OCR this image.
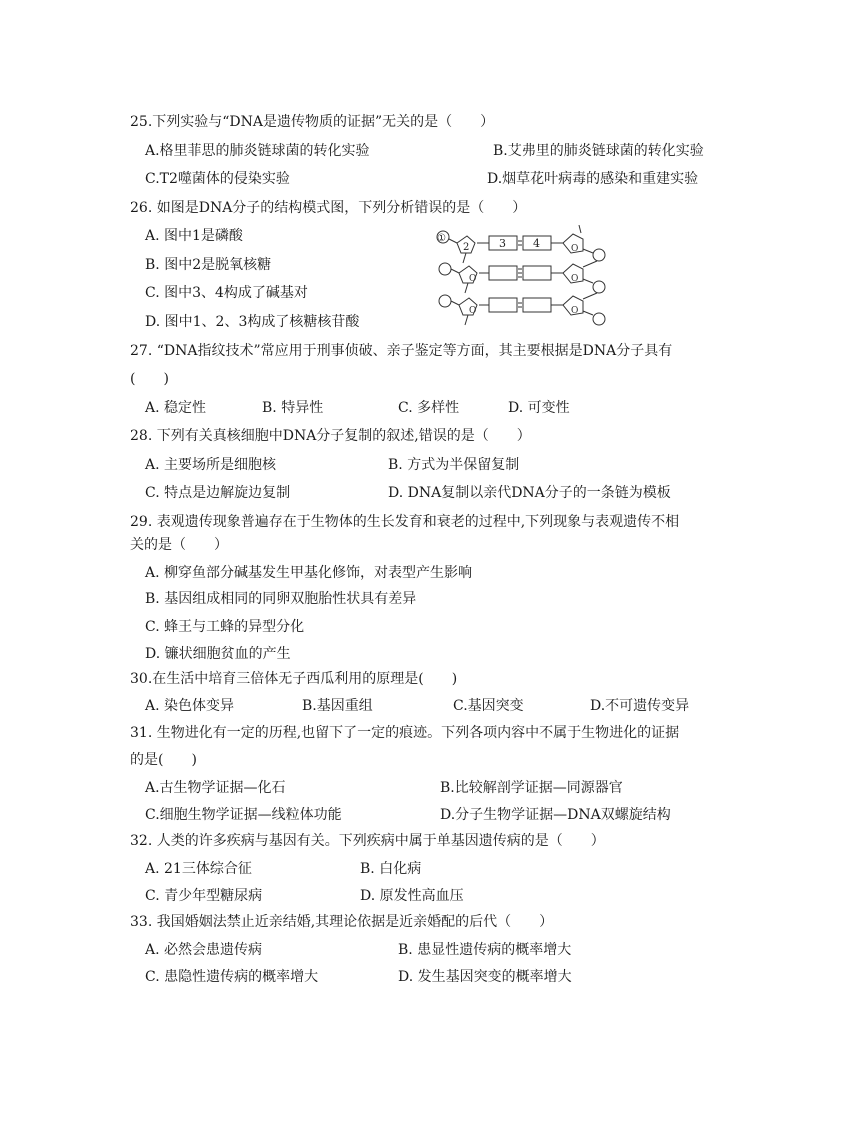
25.下列实验与“DNA是遗传物质的证据”无关的是（　　）
A.格里菲思的肺炎链球菌的转化实验	B.艾弗里的肺炎链球菌的转化实验
C.T2噬菌体的侵染实验	D.烟草花叶病毒的感染和重建实验
26. 如图是DNA分子的结构模式图，下列分析错误的是（　　）
A. 图中1是磷酸
B. 图中2是脱氧核糖
C. 图中3、4构成了碱基对
D. 图中1、2、3构成了核糖核苷酸
O
O
O
O
O
①
2	3 4
27. “DNA指纹技术”常应用于刑事侦破、亲子鉴定等方面，其主要根据是DNA分子具有
(　　)
A. 稳定性	B. 特异性	C. 多样性	D. 可变性
28. 下列有关真核细胞中DNA分子复制的叙述,错误的是（　　）
A. 主要场所是细胞核	B. 方式为半保留复制
C. 特点是边解旋边复制	D. DNA复制以亲代DNA分子的一条链为模板
29. 表观遗传现象普遍存在于生物体的生长发育和衰老的过程中,下列现象与表观遗传不相
关的是（　　）
A. 柳穿鱼部分碱基发生甲基化修饰，对表型产生影响
B. 基因组成相同的同卵双胞胎性状具有差异
C. 蜂王与工蜂的异型分化
D. 镰状细胞贫血的产生
30.在生活中培育三倍体无子西瓜利用的原理是(　　)
A. 染色体变异	B.基因重组	C.基因突变	D.不可遗传变异
31. 生物进化有一定的历程,也留下了一定的痕迹。下列各项内容中不属于生物进化的证据
的是(　　)
A.古生物学证据—化石	B.比较解剖学证据—同源器官
C.细胞生物学证据—线粒体功能	D.分子生物学证据—DNA双螺旋结构
32. 人类的许多疾病与基因有关。下列疾病中属于单基因遗传病的是（　　）
A. 21三体综合征	B. 白化病
C. 青少年型糖尿病	D. 原发性高血压
33. 我国婚姻法禁止近亲结婚,其理论依据是近亲婚配的后代（　　）
A. 必然会患遗传病	B. 患显性遗传病的概率增大
C. 患隐性遗传病的概率增大	D. 发生基因突变的概率增大
